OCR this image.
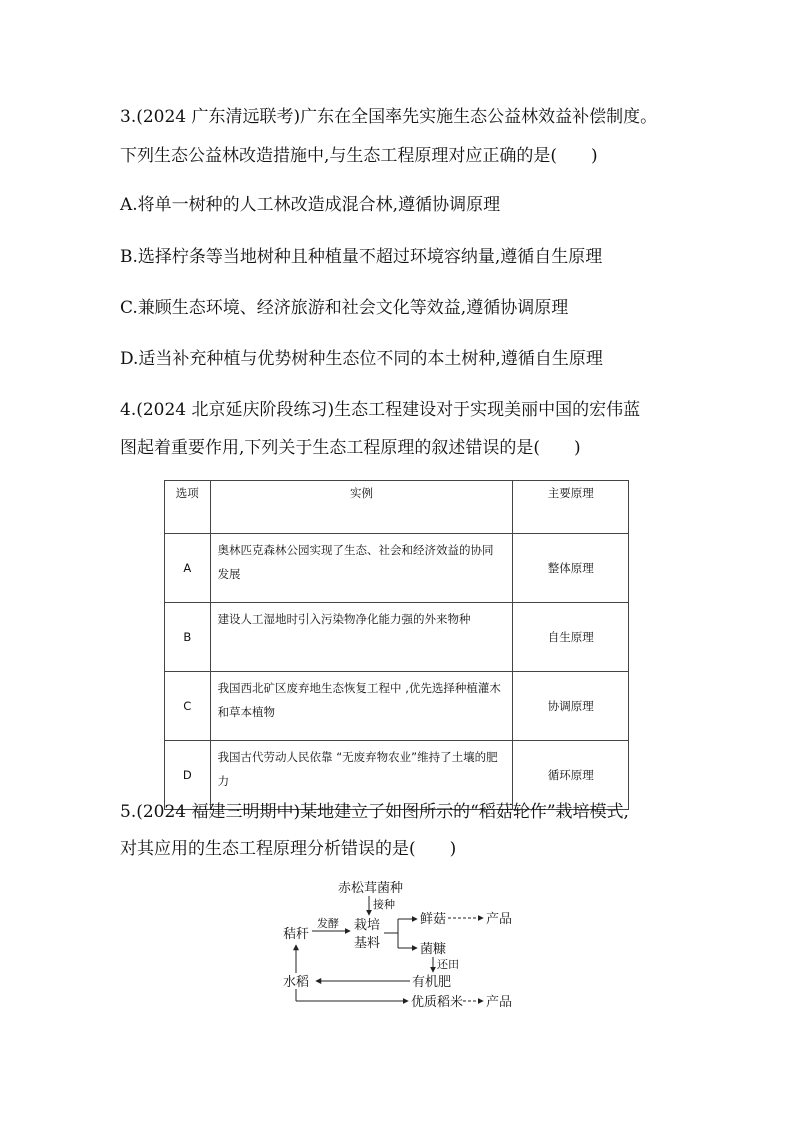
3.(2024 广东清远联考)广东在全国率先实施生态公益林效益补偿制度。
下列生态公益林改造措施中,与生态工程原理对应正确的是(　　)
A.将单一树种的人工林改造成混合林,遵循协调原理
B.选择柠条等当地树种且种植量不超过环境容纳量,遵循自生原理
C.兼顾生态环境、经济旅游和社会文化等效益,遵循协调原理
D.适当补充种植与优势树种生态位不同的本土树种,遵循自生原理
4.(2024 北京延庆阶段练习)生态工程建设对于实现美丽中国的宏伟蓝
图起着重要作用,下列关于生态工程原理的叙述错误的是(　　)
选项	实例	主要原理
A	奥林匹克森林公园实现了生态、社会和经济效益的协同发展	整体原理
B	建设人工湿地时引入污染物净化能力强的外来物种	自生原理
C	我国西北矿区废弃地生态恢复工程中 ,优先选择种植灌木和草本植物	协调原理
D	我国古代劳动人民依靠 “无废弃物农业”维持了土壤的肥力	循环原理
5.(2024 福建三明期中)某地建立了如图所示的“稻菇轮作”栽培模式,
对其应用的生态工程原理分析错误的是(　　)
赤松茸菌种
接种
秸秆
发酵 栽培
基料
鲜菇	产品
菌糠
还田
有机肥
水稻
优质稻米 产品
